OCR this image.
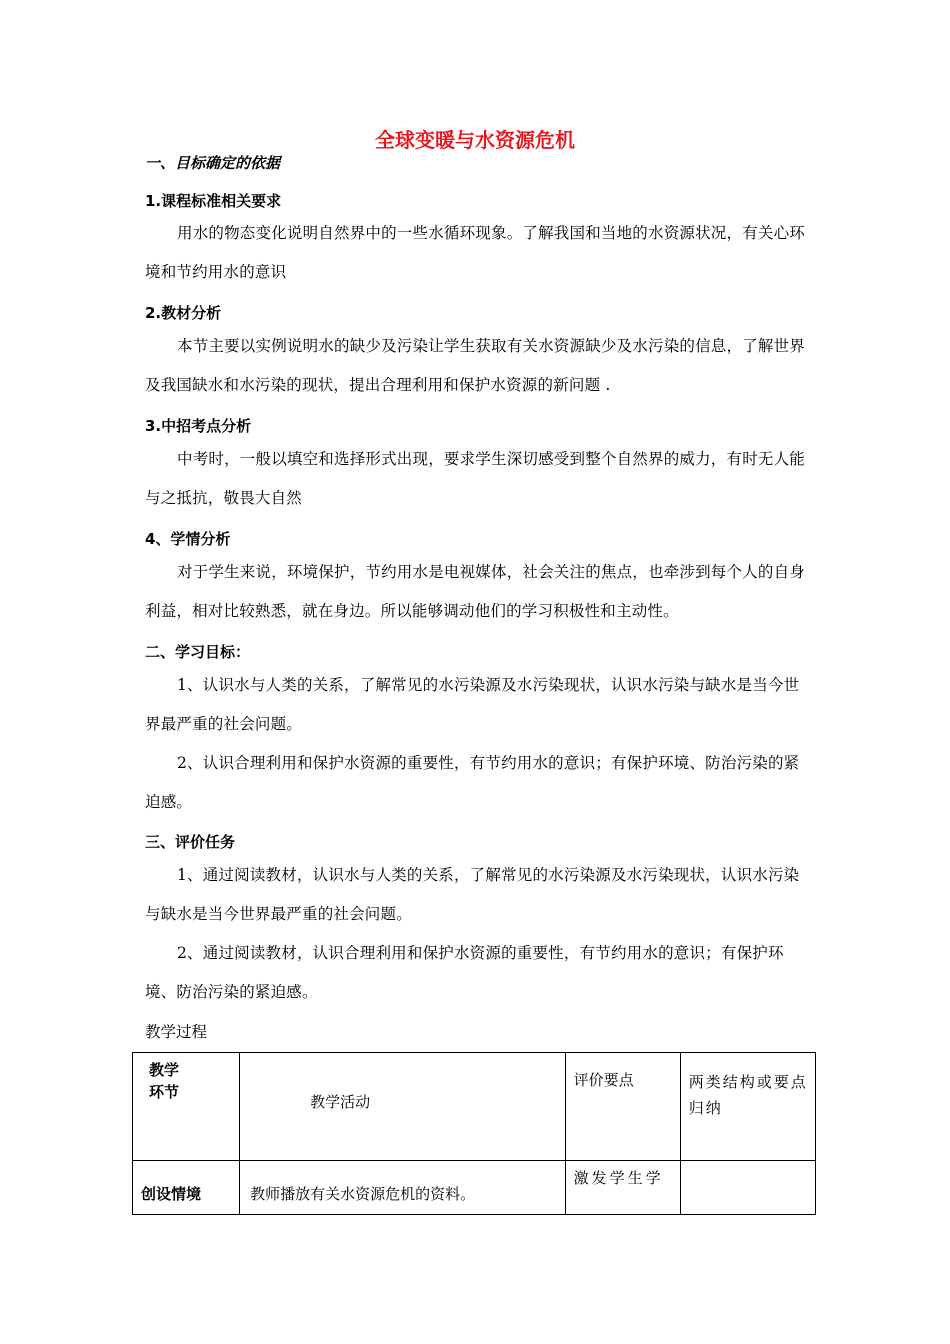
全球变暖与水资源危机
一、目标确定的依据
1.课程标准相关要求
用水的物态变化说明自然界中的一些水循环现象。了解我国和当地的水资源状况，有关心环境和节约用水的意识
2.教材分析
本节主要以实例说明水的缺少及污染让学生获取有关水资源缺少及水污染的信息，了解世界及我国缺水和水污染的现状，提出合理利用和保护水资源的新问题 .
3.中招考点分析
中考时，一般以填空和选择形式出现，要求学生深切感受到整个自然界的威力，有时无人能与之抵抗，敬畏大自然
4、学情分析
对于学生来说，环境保护，节约用水是电视媒体，社会关注的焦点，也牵涉到每个人的自身利益，相对比较熟悉，就在身边。所以能够调动他们的学习积极性和主动性。
二、学习目标：
1、认识水与人类的关系，了解常见的水污染源及水污染现状，认识水污染与缺水是当今世界最严重的社会问题。
2、认识合理利用和保护水资源的重要性，有节约用水的意识；有保护环境、防治污染的紧迫感。
三、评价任务
1、通过阅读教材，认识水与人类的关系，了解常见的水污染源及水污染现状，认识水污染与缺水是当今世界最严重的社会问题。
2、通过阅读教材，认识合理利用和保护水资源的重要性，有节约用水的意识；有保护环境、防治污染的紧迫感。
教学过程
教学
环节	教学活动	评价要点	两类结构或要点归纳

创设情境	教师播放有关水资源危机的资料。	激发学生学	
